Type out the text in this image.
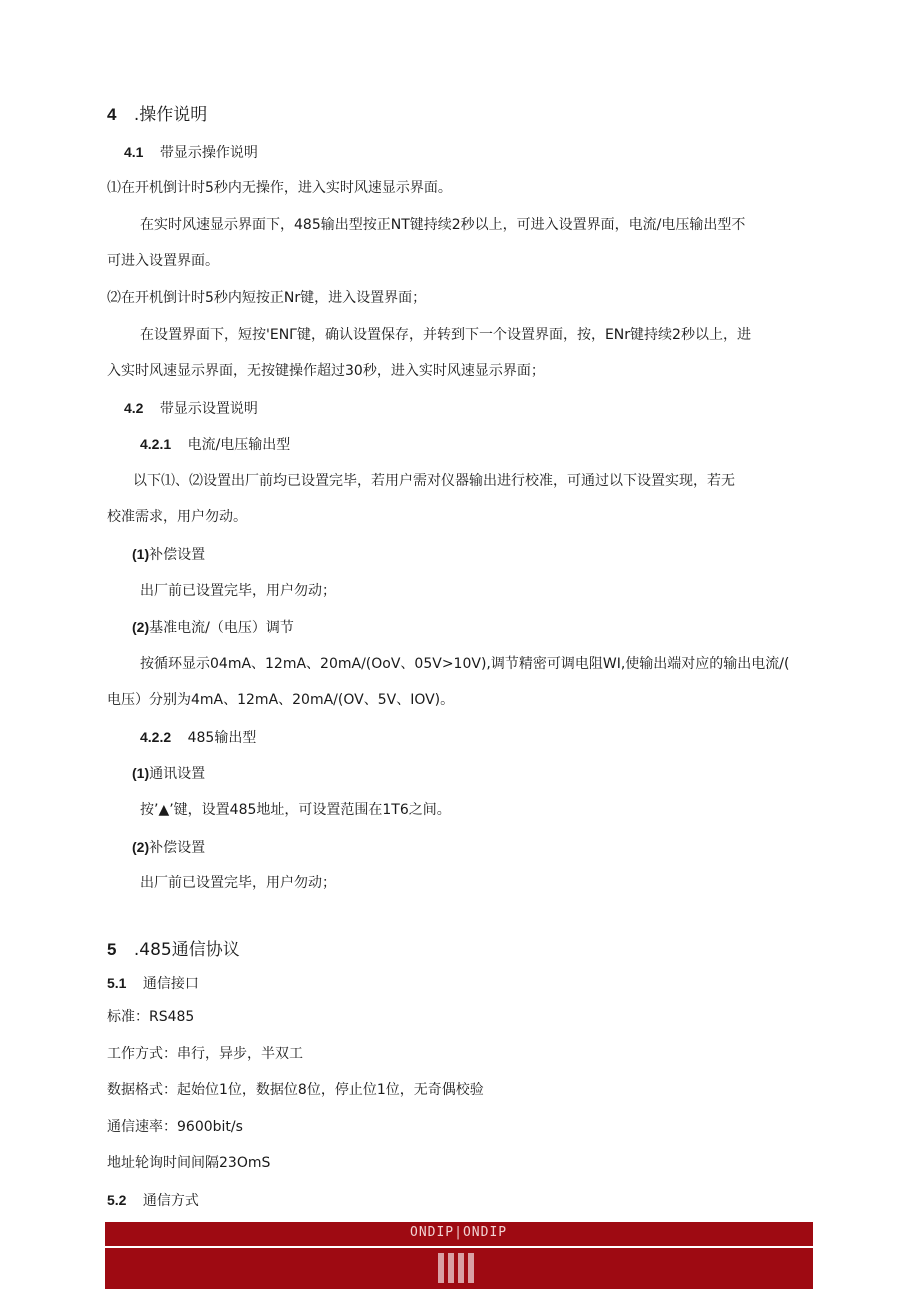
4 .操作说明
4.1 带显示操作说明
⑴在开机倒计时5秒内无操作，进入实时风速显示界面。
在实时风速显示界面下，485输出型按正NT键持续2秒以上，可进入设置界面，电流/电压输出型不
可进入设置界面。
⑵在开机倒计时5秒内短按正Nr键，进入设置界面；
在设置界面下，短按'ENΓ键，确认设置保存，并转到下一个设置界面，按，ENr键持续2秒以上，进
入实时风速显示界面，无按键操作超过30秒，进入实时风速显示界面；
4.2 带显示设置说明
4.2.1 电流/电压输出型
以下⑴、⑵设置出厂前均已设置完毕，若用户需对仪器输出进行校准，可通过以下设置实现，若无
校准需求，用户勿动。
(1)补偿设置
出厂前已设置完毕，用户勿动；
(2)基准电流/（电压）调节
按循环显示04mA、12mA、20mA/(OoV、05V>10V),调节精密可调电阻WI,使输出端对应的输出电流/(
电压）分别为4mA、12mA、20mA/(OV、5V、IOV)。
4.2.2 485输出型
(1)通讯设置
按’▲’键，设置485地址，可设置范围在1T6之间。
(2)补偿设置
出厂前已设置完毕，用户勿动；
5 .485通信协议
5.1 通信接口
标准：RS485
工作方式：串行，异步，半双工
数据格式：起始位1位，数据位8位，停止位1位，无奇偶校验
通信速率：9600bit/s
地址轮询时间间隔23OmS
5.2 通信方式
ONDIP|ONDIP
